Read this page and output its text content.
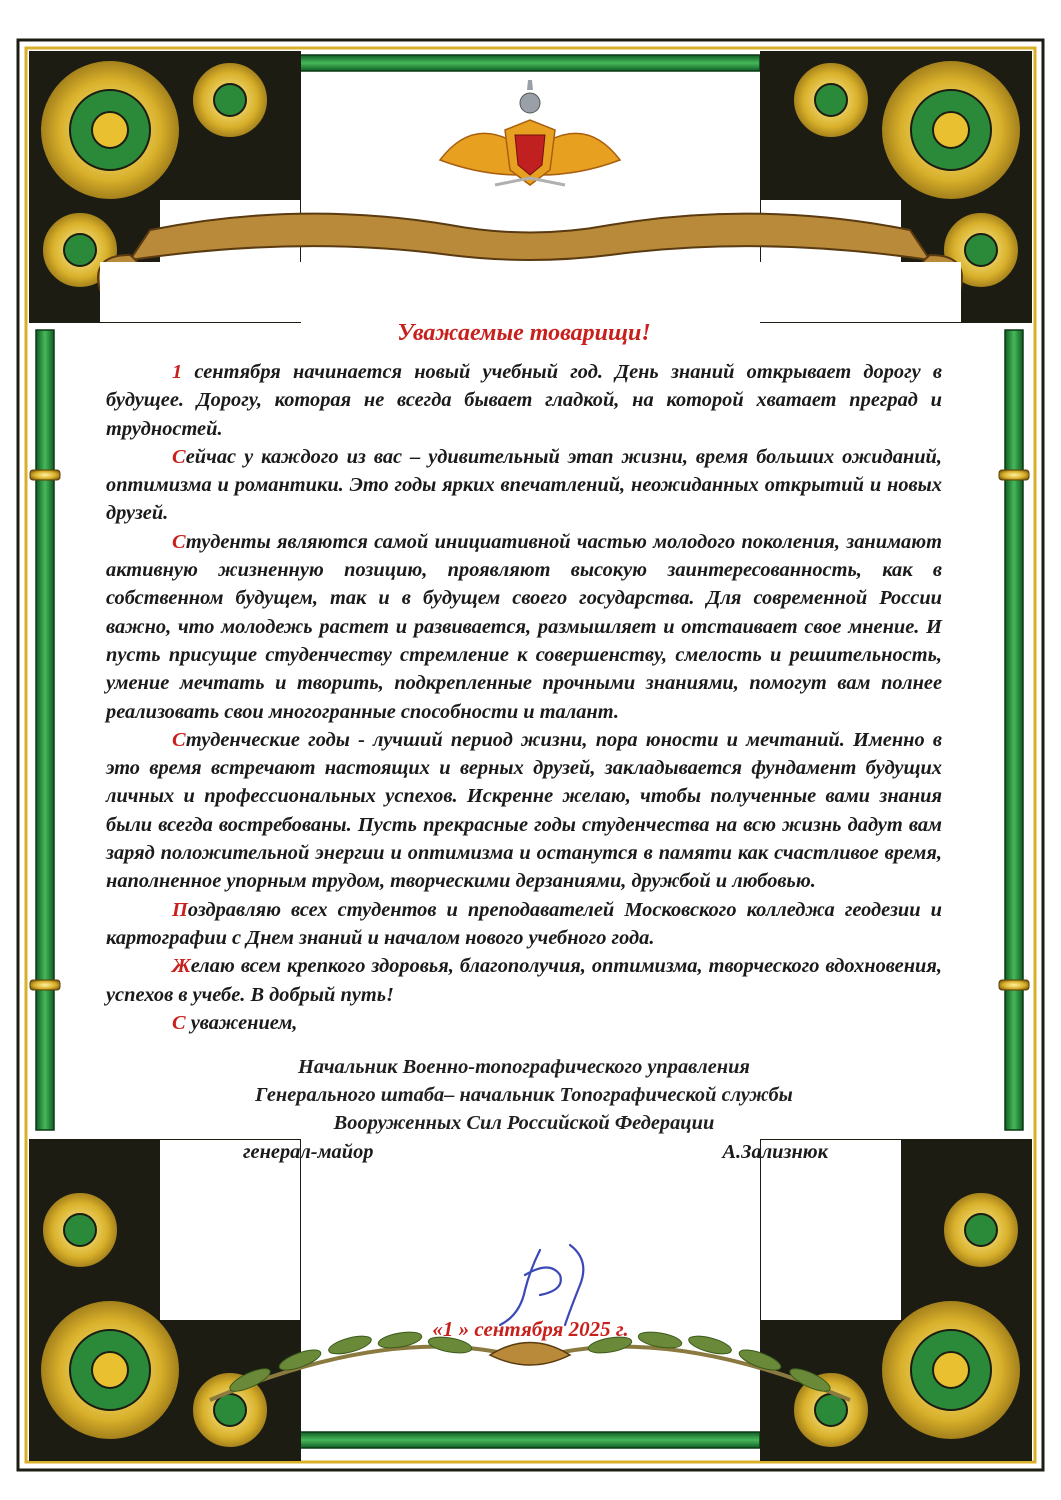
Уважаемые товарищи!

1 сентября начинается новый учебный год. День знаний открывает дорогу в будущее. Дорогу, которая не всегда бывает гладкой, на которой хватает преград и трудностей.

Сейчас у каждого из вас – удивительный этап жизни, время больших ожиданий, оптимизма и романтики. Это годы ярких впечатлений, неожиданных открытий и новых друзей.

Студенты являются самой инициативной частью молодого поколения, занимают активную жизненную позицию, проявляют высокую заинтересованность, как в собственном будущем, так и в будущем своего государства. Для современной России важно, что молодежь растет и развивается, размышляет и отстаивает свое мнение. И пусть присущие студенчеству стремление к совершенству, смелость и решительность, умение мечтать и творить, подкрепленные прочными знаниями, помогут вам полнее реализовать свои многогранные способности и талант.

Студенческие годы - лучший период жизни, пора юности и мечтаний. Именно в это время встречают настоящих и верных друзей, закладывается фундамент будущих личных и профессиональных успехов. Искренне желаю, чтобы полученные вами знания были всегда востребованы. Пусть прекрасные годы студенчества на всю жизнь дадут вам заряд положительной энергии и оптимизма и останутся в памяти как счастливое время, наполненное упорным трудом, творческими дерзаниями, дружбой и любовью.

Поздравляю всех студентов и преподавателей Московского колледжа геодезии и картографии с Днем знаний и началом нового учебного года.

Желаю всем крепкого здоровья, благополучия, оптимизма, творческого вдохновения, успехов в учебе. В добрый путь!

С уважением,

Начальник Военно-топографического управления
Генерального штаба– начальник Топографической службы
Вооруженных Сил Российской Федерации
генерал-майор	А.Зализнюк
«1 » сентября 2025 г.
